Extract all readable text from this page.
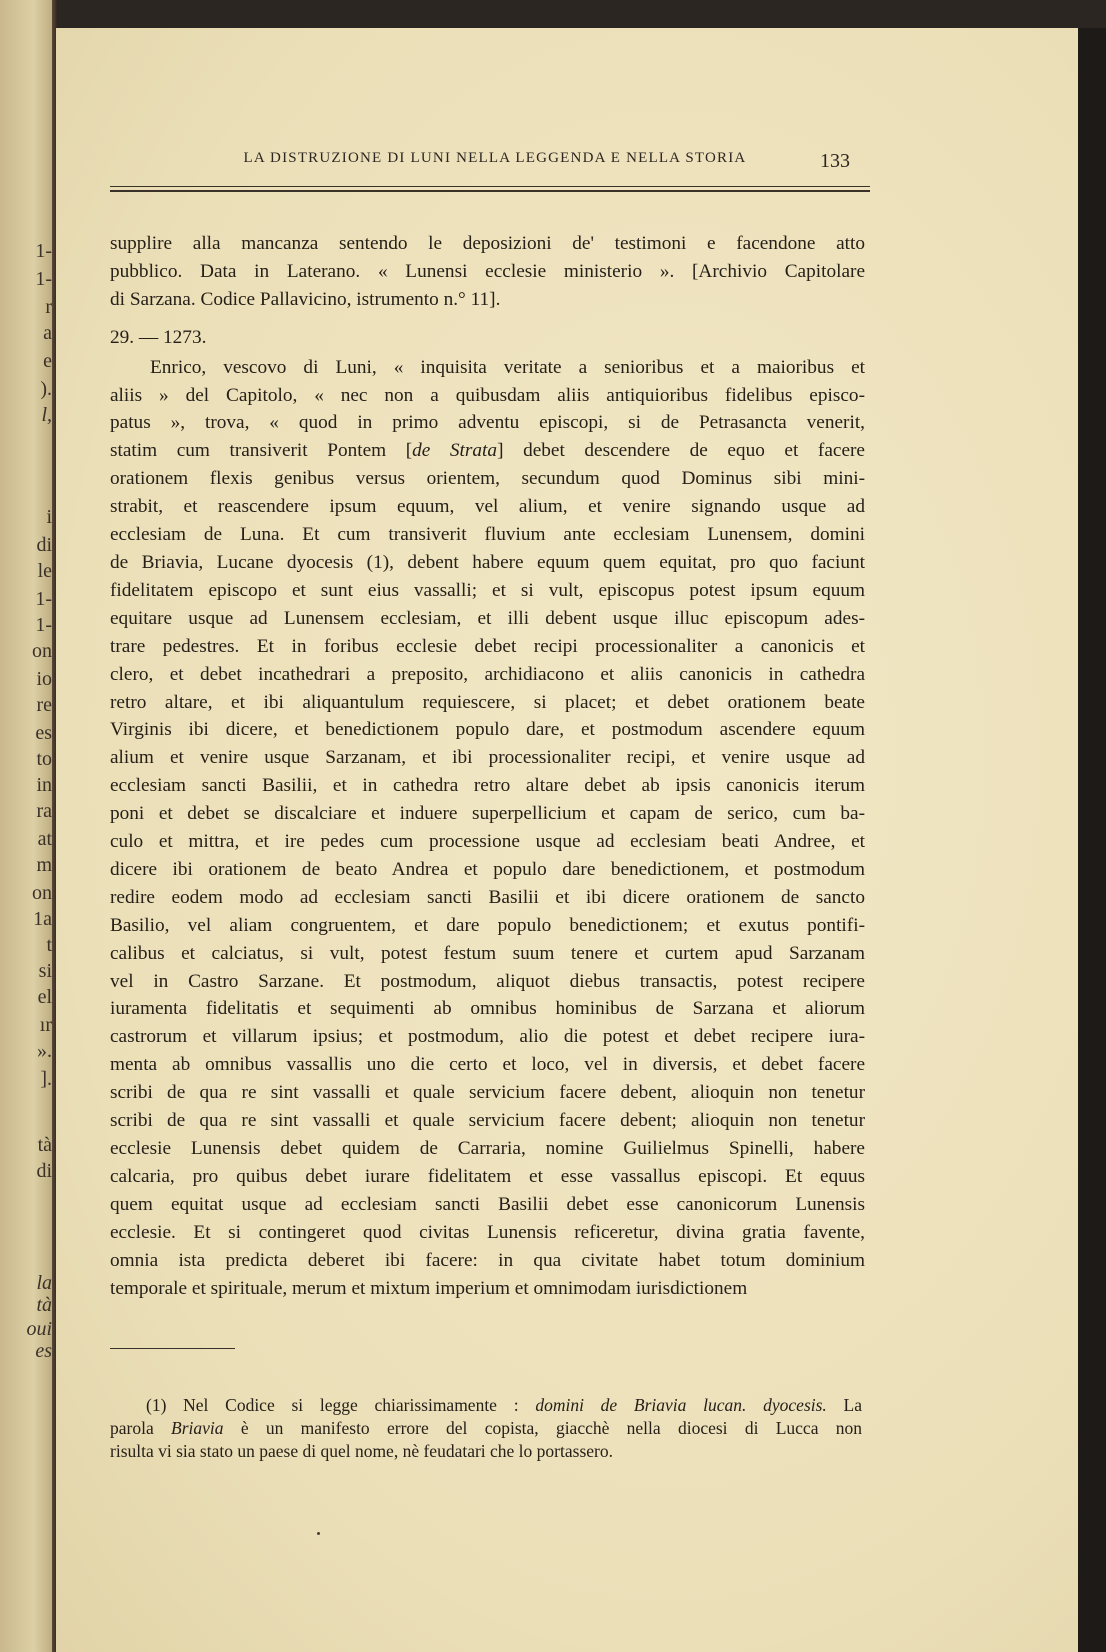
1-
1-
r
a
e
).
l,
i
di
le
1-
1-
on
io
re
es
to
in
ra
at
m
on
1a
t
si
el
ır
».
].
tà
di
la
tà
oui
es
LA DISTRUZIONE DI LUNI NELLA LEGGENDA E NELLA STORIA	133
supplire alla mancanza sentendo le deposizioni de' testimoni e facendone atto
pubblico. Data in Laterano. « Lunensi ecclesie ministerio ». [Archivio Capitolare
di Sarzana. Codice Pallavicino, istrumento n.° 11].
29. — 1273.
Enrico, vescovo di Luni, « inquisita veritate a senioribus et a maioribus et
aliis » del Capitolo, « nec non a quibusdam aliis antiquioribus fidelibus episco-
patus », trova, « quod in primo adventu episcopi, si de Petrasancta venerit,
statim cum transiverit Pontem [de Strata] debet descendere de equo et facere
orationem flexis genibus versus orientem, secundum quod Dominus sibi mini-
strabit, et reascendere ipsum equum, vel alium, et venire signando usque ad
ecclesiam de Luna. Et cum transiverit fluvium ante ecclesiam Lunensem, domini
de Briavia, Lucane dyocesis (1), debent habere equum quem equitat, pro quo faciunt
fidelitatem episcopo et sunt eius vassalli; et si vult, episcopus potest ipsum equum
equitare usque ad Lunensem ecclesiam, et illi debent usque illuc episcopum ades-
trare pedestres. Et in foribus ecclesie debet recipi processionaliter a canonicis et
clero, et debet incathedrari a preposito, archidiacono et aliis canonicis in cathedra
retro altare, et ibi aliquantulum requiescere, si placet; et debet orationem beate
Virginis ibi dicere, et benedictionem populo dare, et postmodum ascendere equum
alium et venire usque Sarzanam, et ibi processionaliter recipi, et venire usque ad
ecclesiam sancti Basilii, et in cathedra retro altare debet ab ipsis canonicis iterum
poni et debet se discalciare et induere superpellicium et capam de serico, cum ba-
culo et mittra, et ire pedes cum processione usque ad ecclesiam beati Andree, et
dicere ibi orationem de beato Andrea et populo dare benedictionem, et postmodum
redire eodem modo ad ecclesiam sancti Basilii et ibi dicere orationem de sancto
Basilio, vel aliam congruentem, et dare populo benedictionem; et exutus pontifi-
calibus et calciatus, si vult, potest festum suum tenere et curtem apud Sarzanam
vel in Castro Sarzane. Et postmodum, aliquot diebus transactis, potest recipere
iuramenta fidelitatis et sequimenti ab omnibus hominibus de Sarzana et aliorum
castrorum et villarum ipsius; et postmodum, alio die potest et debet recipere iura-
menta ab omnibus vassallis uno die certo et loco, vel in diversis, et debet facere
scribi de qua re sint vassalli et quale servicium facere debent, alioquin non tenetur
scribi de qua re sint vassalli et quale servicium facere debent; alioquin non tenetur
ecclesie Lunensis debet quidem de Carraria, nomine Guilielmus Spinelli, habere
calcaria, pro quibus debet iurare fidelitatem et esse vassallus episcopi. Et equus
quem equitat usque ad ecclesiam sancti Basilii debet esse canonicorum Lunensis
ecclesie. Et si contingeret quod civitas Lunensis reficeretur, divina gratia favente,
omnia ista predicta deberet ibi facere: in qua civitate habet totum dominium
temporale et spirituale, merum et mixtum imperium et omnimodam iurisdictionem
(1) Nel Codice si legge chiarissimamente : domini de Briavia lucan. dyocesis. La
parola Briavia è un manifesto errore del copista, giacchè nella diocesi di Lucca non
risulta vi sia stato un paese di quel nome, nè feudatari che lo portassero.
